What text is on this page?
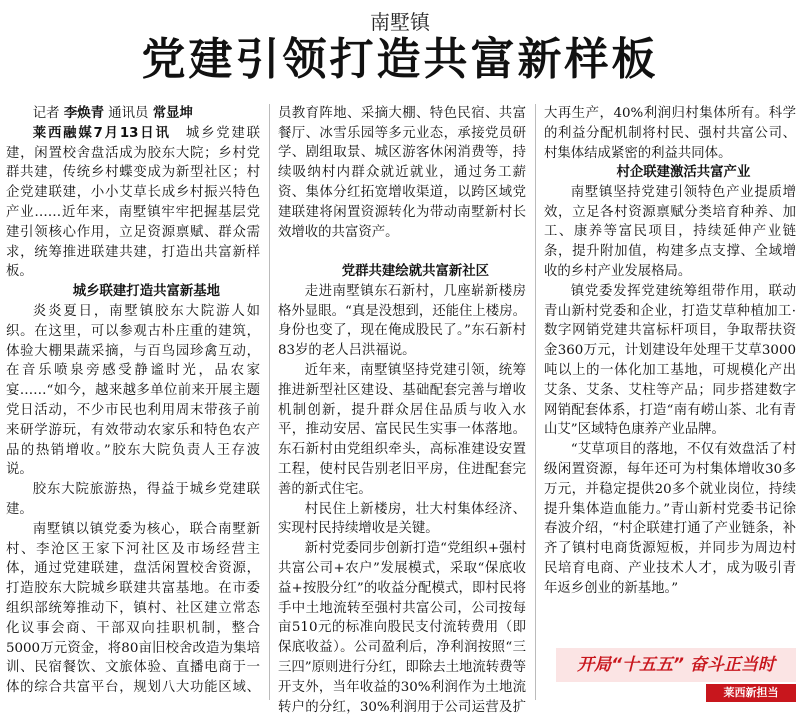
南墅镇
党建引领打造共富新样板

记者 李焕青 通讯员 常显坤

莱西融媒7月13日讯　 城乡党建联建，闲置校舍盘活成为胶东大院；乡村党群共建，传统乡村蝶变成为新型社区；村企党建联建，小小艾草长成乡村振兴特色产业……近年来，南墅镇牢牢把握基层党建引领核心作用，立足资源禀赋、群众需求，统筹推进联建共建，打造出共富新样板。

城乡联建打造共富新基地

炎炎夏日，南墅镇胶东大院游人如织。在这里，可以参观古朴庄重的建筑，体验大棚果蔬采摘，与百鸟园珍禽互动，在音乐喷泉旁感受静谧时光，品农家宴……“如今，越来越多单位前来开展主题党日活动，不少市民也利用周末带孩子前来研学游玩，有效带动农家乐和特色农产品的热销增收。”胶东大院负责人王存波说。

胶东大院旅游热，得益于城乡党建联建。

南墅镇以镇党委为核心，联合南墅新村、李沧区王家下河社区及市场经营主体，通过党建联建，盘活闲置校舍资源，打造胶东大院城乡联建共富基地。在市委组织部统筹推动下，镇村、社区建立常态化议事会商、干部双向挂职机制，整合5000万元资金，将80亩旧校舍改造为集培训、民宿餐饮、文旅体验、直播电商于一体的综合共富平台，规划八大功能区域、

员教育阵地、采摘大棚、特色民宿、共富餐厅、冰雪乐园等多元业态，承接党员研学、剧组取景、城区游客休闲消费等，持续吸纳村内群众就近就业，通过务工薪资、集体分红拓宽增收渠道，以跨区域党建联建将闲置资源转化为带动南墅新村长效增收的共富资产。

党群共建绘就共富新社区

走进南墅镇东石新村，几座崭新楼房格外显眼。“真是没想到，还能住上楼房。身份也变了，现在俺成股民了。”东石新村83岁的老人吕洪福说。

近年来，南墅镇坚持党建引领，统筹推进新型社区建设、基础配套完善与增收机制创新，提升群众居住品质与收入水平，推动安居、富民民生实事一体落地。东石新村由党组织牵头，高标准建设安置工程，使村民告别老旧平房，住进配套完善的新式住宅。

村民住上新楼房，壮大村集体经济、实现村民持续增收是关键。

新村党委同步创新打造“党组织+强村共富公司+农户”发展模式，采取“保底收益+按股分红”的收益分配模式，即村民将手中土地流转至强村共富公司，公司按每亩510元的标准向股民支付流转费用（即保底收益）。公司盈利后，净利润按照“三三四”原则进行分红，即除去土地流转费等开支外，当年收益的30%利润作为土地流转户的分红，30%利润用于公司运营及扩

大再生产，40%利润归村集体所有。科学的利益分配机制将村民、强村共富公司、村集体结成紧密的利益共同体。

村企联建激活共富产业

南墅镇坚持党建引领特色产业提质增效，立足各村资源禀赋分类培育种养、加工、康养等富民项目，持续延伸产业链条，提升附加值，构建多点支撑、全域增收的乡村产业发展格局。

镇党委发挥党建统筹组带作用，联动青山新村党委和企业，打造艾草种植加工·数字网销党建共富标杆项目，争取帮扶资金360万元，计划建设年处理干艾草3000吨以上的一体化加工基地，可规模化产出艾条、艾条、艾柱等产品；同步搭建数字网销配套体系，打造“南有崂山茶、北有青山艾”区域特色康养产业品牌。

“艾草项目的落地，不仅有效盘活了村级闲置资源，每年还可为村集体增收30多万元，并稳定提供20多个就业岗位，持续提升集体造血能力。”青山新村党委书记徐春波介绍，“村企联建打通了产业链条，补齐了镇村电商货源短板，并同步为周边村民培育电商、产业技术人才，成为吸引青年返乡创业的新基地。”

开局“十五五” 奋斗正当时
莱西新担当
